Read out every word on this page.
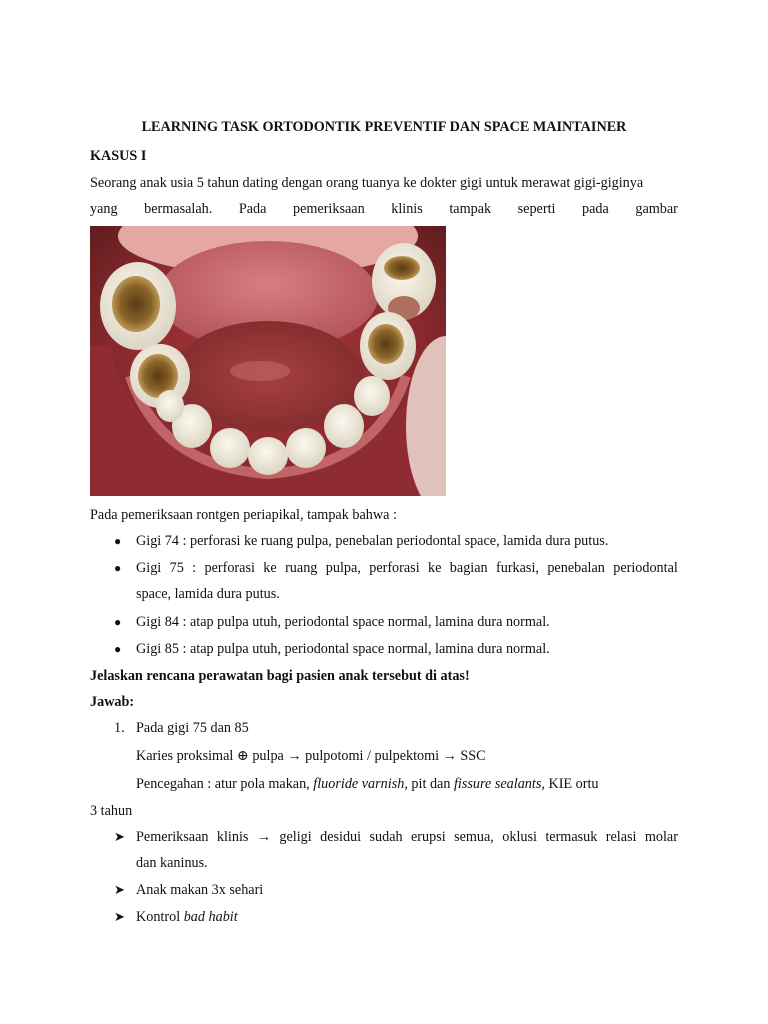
LEARNING TASK ORTODONTIK PREVENTIF DAN SPACE MAINTAINER
KASUS I
Seorang anak usia 5 tahun dating dengan orang tuanya ke dokter gigi untuk merawat gigi-giginya
yang bermasalah. Pada pemeriksaan klinis tampak seperti pada gambar
Pada pemeriksaan rontgen periapikal, tampak bahwa :
● Gigi 74 : perforasi ke ruang pulpa, penebalan periodontal space, lamida dura putus.
● Gigi 75 : perforasi ke ruang pulpa, perforasi ke bagian furkasi, penebalan periodontal
space, lamida dura putus.
● Gigi 84 : atap pulpa utuh, periodontal space normal, lamina dura normal.
● Gigi 85 : atap pulpa utuh, periodontal space normal, lamina dura normal.
Jelaskan rencana perawatan bagi pasien anak tersebut di atas!
Jawab:
1. Pada gigi 75 dan 85
Karies proksimal ⊕ pulpa → pulpotomi / pulpektomi → SSC
Pencegahan : atur pola makan, fluoride varnish, pit dan fissure sealants, KIE ortu
3 tahun
➤ Pemeriksaan klinis → geligi desidui sudah erupsi semua, oklusi termasuk relasi molar
dan kaninus.
➤ Anak makan 3x sehari
➤ Kontrol bad habit
